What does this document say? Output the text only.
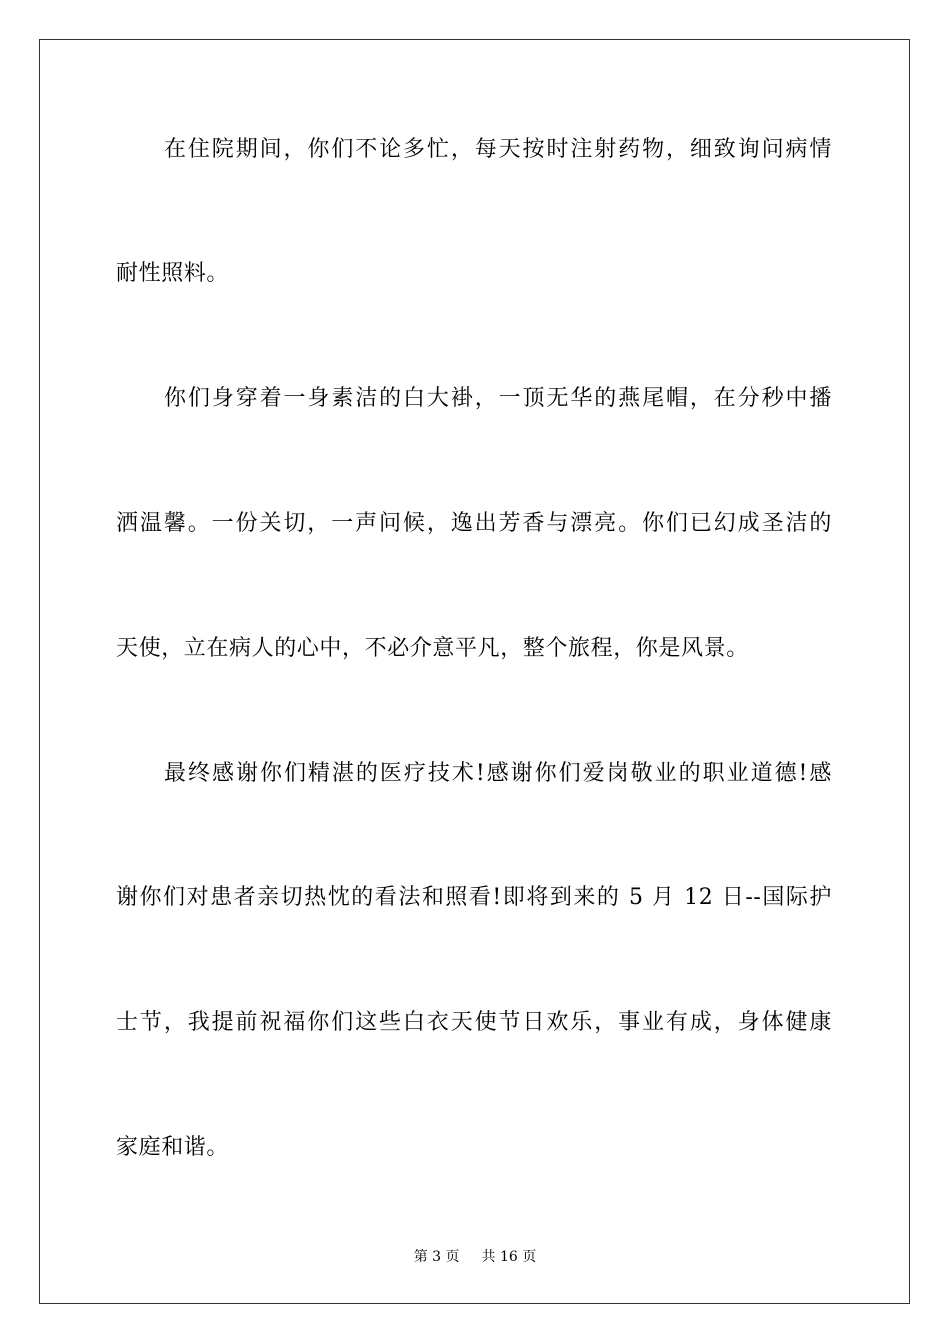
在住院期间，你们不论多忙，每天按时注射药物，细致询问病情
耐性照料。
你们身穿着一身素洁的白大褂，一顶无华的燕尾帽，在分秒中播
洒温馨。一份关切，一声问候，逸出芳香与漂亮。你们已幻成圣洁的
天使，立在病人的心中，不必介意平凡，整个旅程，你是风景。
最终感谢你们精湛的医疗技术!感谢你们爱岗敬业的职业道德!感
谢你们对患者亲切热忱的看法和照看!即将到来的 5 月 12 日--国际护
士节，我提前祝福你们这些白衣天使节日欢乐，事业有成，身体健康
家庭和谐。
第 3 页 共 16 页
